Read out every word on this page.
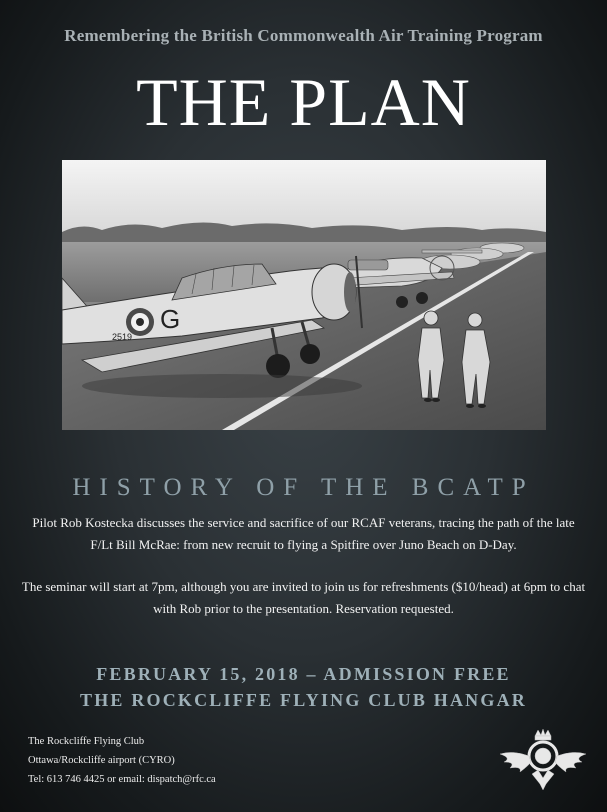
Remembering the British Commonwealth Air Training Program
THE PLAN
G
2519
HISTORY OF THE BCATP
Pilot Rob Kostecka discusses the service and sacrifice of our RCAF veterans, tracing the path of the late F/Lt Bill McRae: from new recruit to flying a Spitfire over Juno Beach on D-Day.
The seminar will start at 7pm, although you are invited to join us for refreshments ($10/head) at 6pm to chat with Rob prior to the presentation. Reservation requested.
FEBRUARY 15, 2018 – ADMISSION FREE
THE ROCKCLIFFE FLYING CLUB HANGAR
The Rockcliffe Flying Club
Ottawa/Rockcliffe airport (CYRO)
Tel: 613 746 4425 or email: dispatch@rfc.ca
